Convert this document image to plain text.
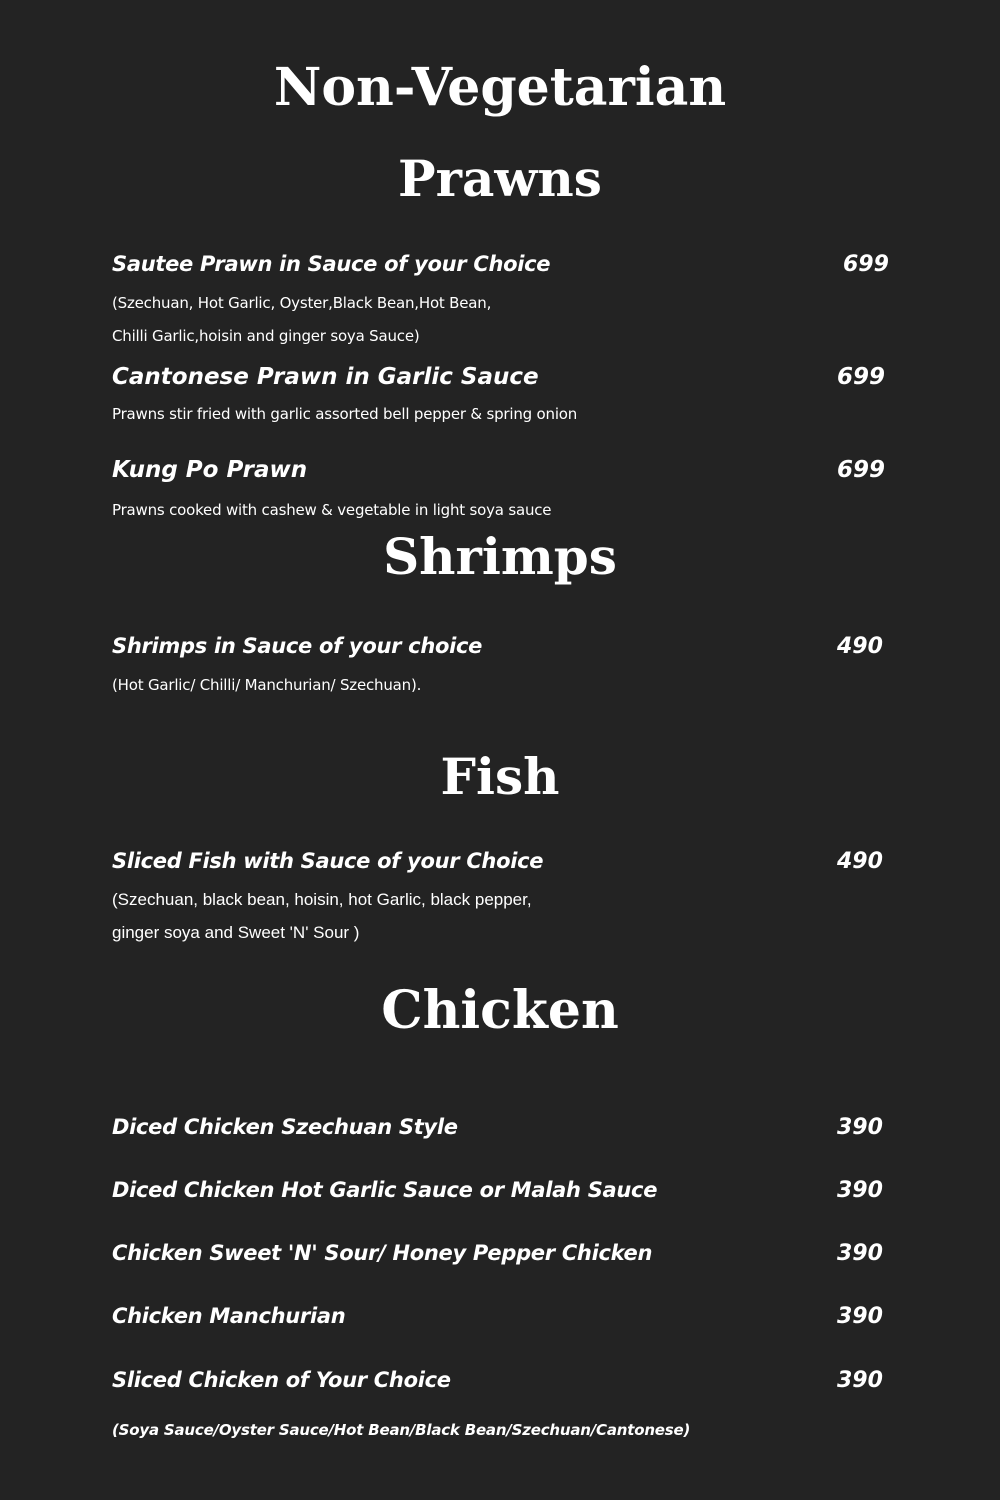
Non-Vegetarian
Prawns
Sautee Prawn in Sauce of your Choice	699
(Szechuan, Hot Garlic, Oyster,Black Bean,Hot Bean,
Chilli Garlic,hoisin and ginger soya Sauce)
Cantonese Prawn in Garlic Sauce	699
Prawns stir fried with garlic assorted bell pepper & spring onion
Kung Po Prawn	699
Prawns cooked with cashew & vegetable in light soya sauce
Shrimps
Shrimps in Sauce of your choice	490
(Hot Garlic/ Chilli/ Manchurian/ Szechuan).
Fish
Sliced Fish with Sauce of your Choice	490
(Szechuan, black bean, hoisin, hot Garlic, black pepper,
ginger soya and Sweet 'N' Sour )
Chicken
Diced Chicken Szechuan Style	390
Diced Chicken Hot Garlic Sauce or Malah Sauce	390
Chicken Sweet 'N' Sour/ Honey Pepper Chicken	390
Chicken Manchurian	390
Sliced Chicken of Your Choice	390
(Soya Sauce/Oyster Sauce/Hot Bean/Black Bean/Szechuan/Cantonese)
